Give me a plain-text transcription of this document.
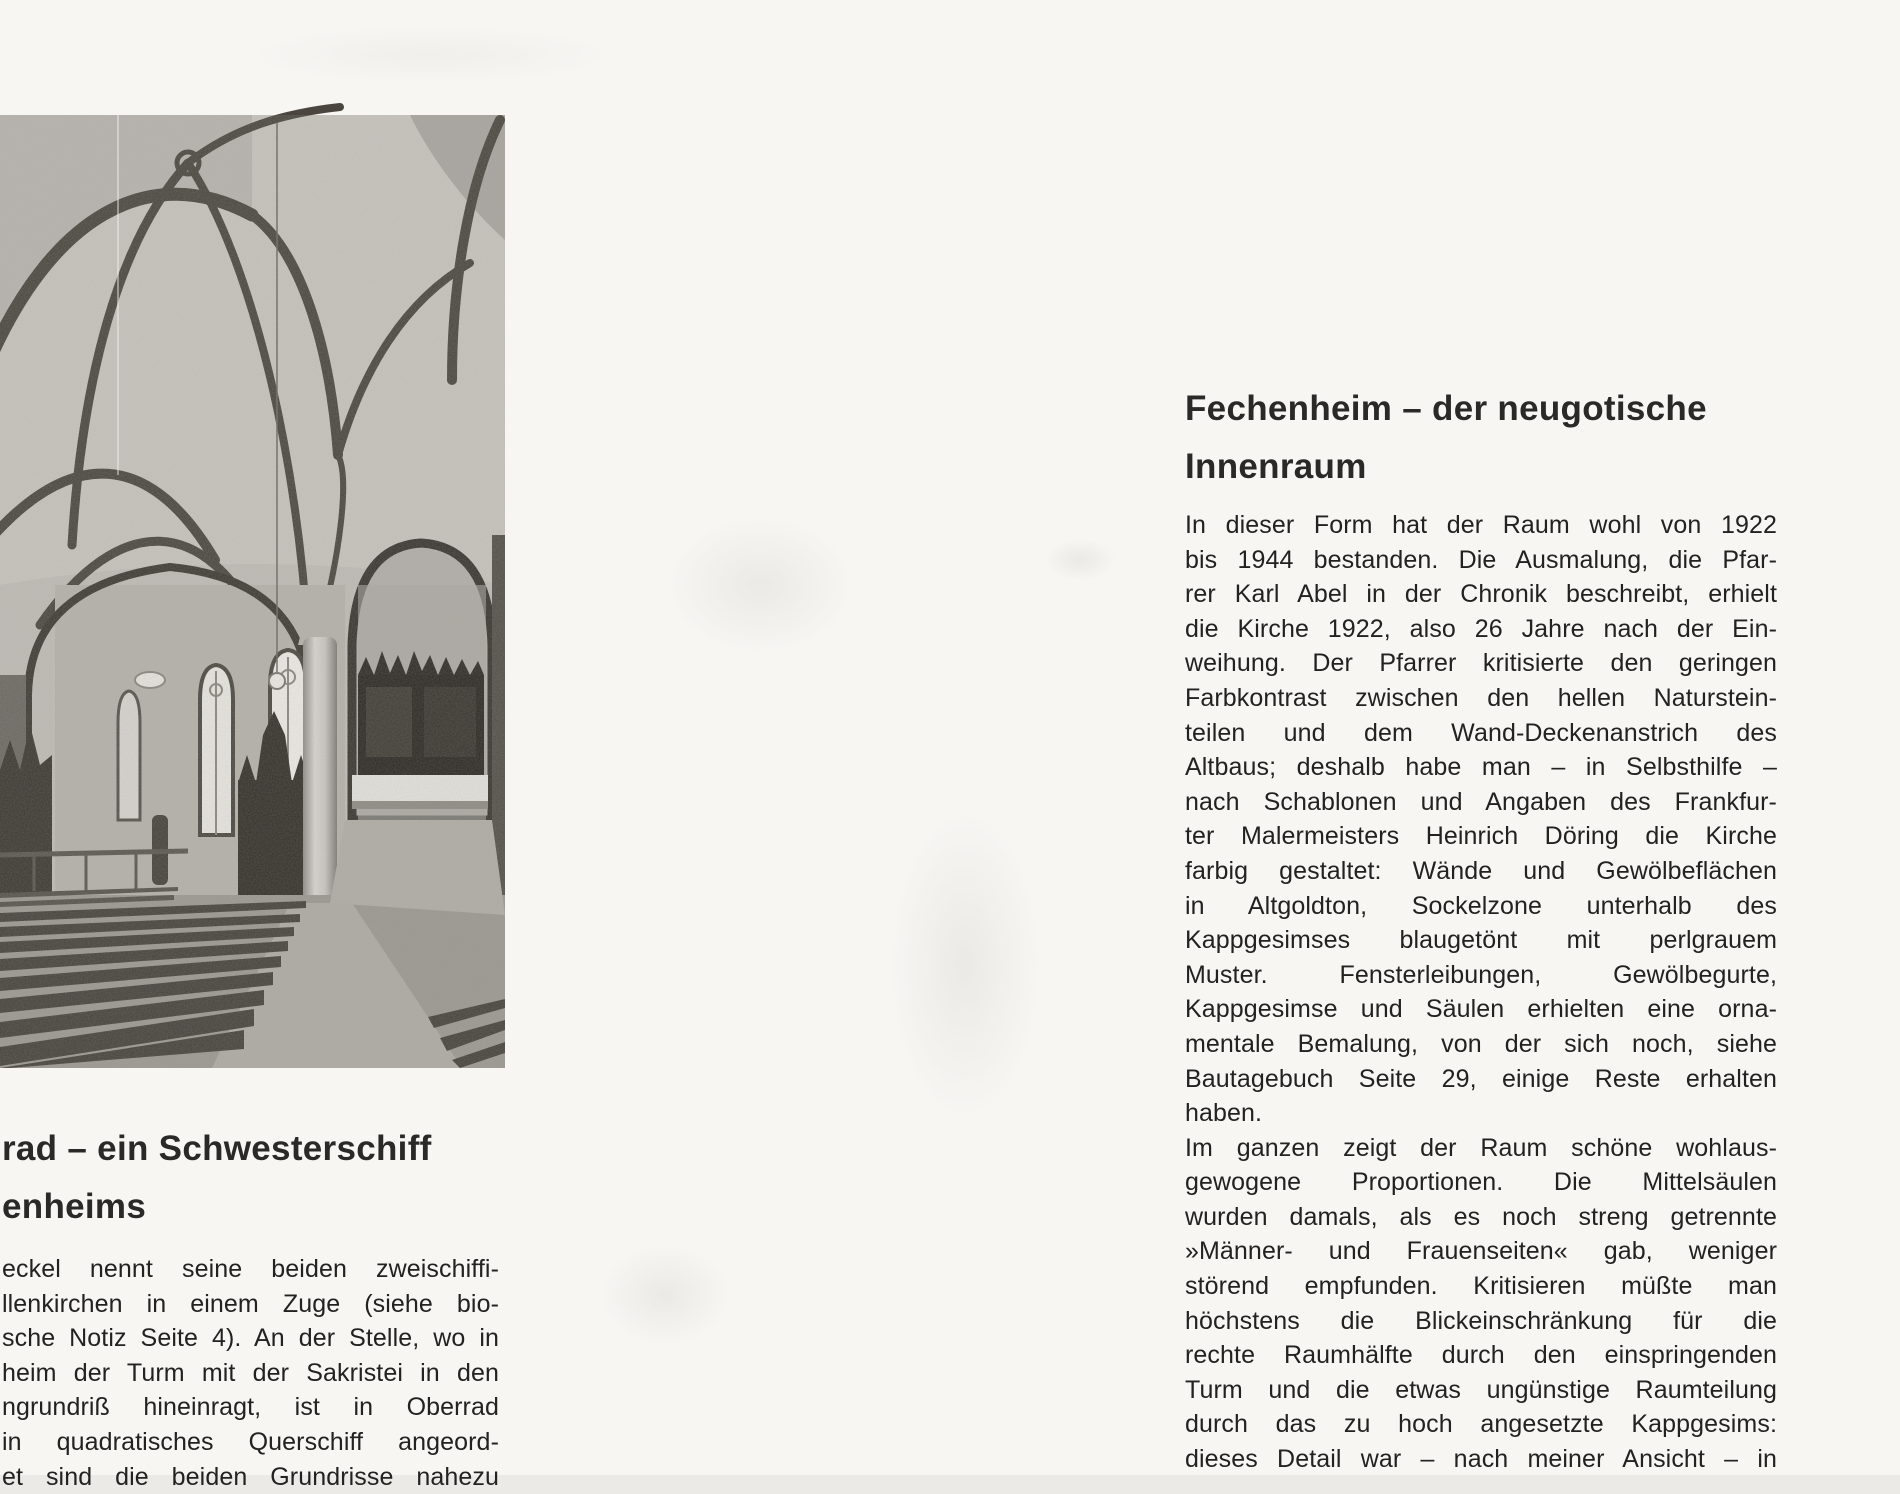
rad – ein Schwesterschiff
enheims
eckel nennt seine beiden zweischiffi-
llenkirchen in einem Zuge (siehe bio-
sche Notiz Seite 4). An der Stelle, wo in
heim der Turm mit der Sakristei in den
ngrundriß hineinragt, ist in Oberrad
in quadratisches Querschiff angeord-
et sind die beiden Grundrisse nahezu
Fechenheim – der neugotische
Innenraum
In dieser Form hat der Raum wohl von 1922
bis 1944 bestanden. Die Ausmalung, die Pfar-
rer Karl Abel in der Chronik beschreibt, erhielt
die Kirche 1922, also 26 Jahre nach der Ein-
weihung. Der Pfarrer kritisierte den geringen
Farbkontrast zwischen den hellen Naturstein-
teilen und dem Wand-Deckenanstrich des
Altbaus; deshalb habe man – in Selbsthilfe –
nach Schablonen und Angaben des Frankfur-
ter Malermeisters Heinrich Döring die Kirche
farbig gestaltet: Wände und Gewölbeflächen
in Altgoldton, Sockelzone unterhalb des
Kappgesimses blaugetönt mit perlgrauem
Muster. Fensterleibungen, Gewölbegurte,
Kappgesimse und Säulen erhielten eine orna-
mentale Bemalung, von der sich noch, siehe
Bautagebuch Seite 29, einige Reste erhalten
haben.
Im ganzen zeigt der Raum schöne wohlaus-
gewogene Proportionen. Die Mittelsäulen
wurden damals, als es noch streng getrennte
»Männer- und Frauenseiten« gab, weniger
störend empfunden. Kritisieren müßte man
höchstens die Blickeinschränkung für die
rechte Raumhälfte durch den einspringenden
Turm und die etwas ungünstige Raumteilung
durch das zu hoch angesetzte Kappgesims:
dieses Detail war – nach meiner Ansicht – in
